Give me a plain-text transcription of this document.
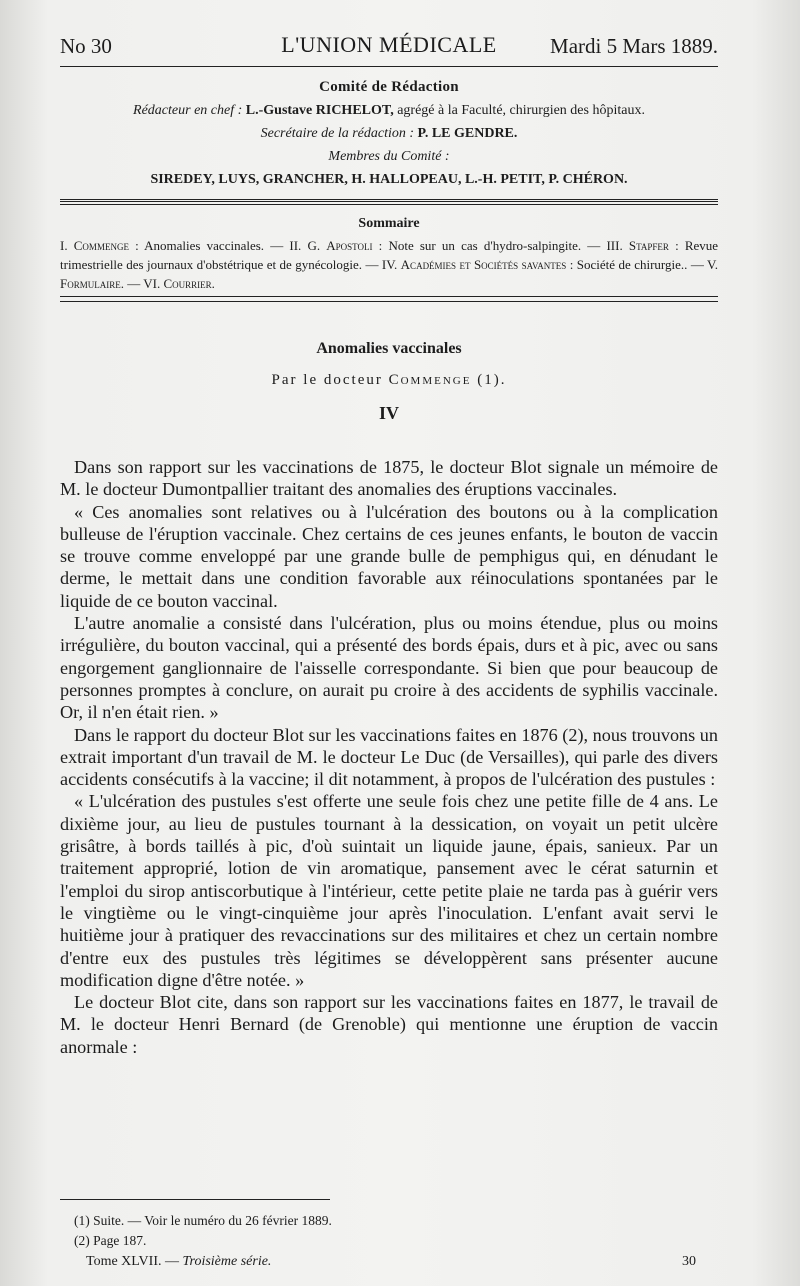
No 30	L'UNION MÉDICALE	Mardi 5 Mars 1889.
Comité de Rédaction
Rédacteur en chef : L.-Gustave RICHELOT, agrégé à la Faculté, chirurgien des hôpitaux.
Secrétaire de la rédaction : P. LE GENDRE.
Membres du Comité :
SIREDEY, LUYS, GRANCHER, H. HALLOPEAU, L.-H. PETIT, P. CHÉRON.
Sommaire
I. Commenge : Anomalies vaccinales. — II. G. Apostoli : Note sur un cas d'hydro-salpingite. — III. Stapfer : Revue trimestrielle des journaux d'obstétrique et de gynécologie. — IV. Académies et Sociétés savantes : Société de chirurgie.. — V. Formulaire. — VI. Courrier.
Anomalies vaccinales
Par le docteur Commenge (1).
IV

Dans son rapport sur les vaccinations de 1875, le docteur Blot signale un mémoire de M. le docteur Dumontpallier traitant des anomalies des éruptions vaccinales.

« Ces anomalies sont relatives ou à l'ulcération des boutons ou à la complication bulleuse de l'éruption vaccinale. Chez certains de ces jeunes enfants, le bouton de vaccin se trouve comme enveloppé par une grande bulle de pemphigus qui, en dénudant le derme, le mettait dans une condition favorable aux réinoculations spontanées par le liquide de ce bouton vaccinal.

L'autre anomalie a consisté dans l'ulcération, plus ou moins étendue, plus ou moins irrégulière, du bouton vaccinal, qui a présenté des bords épais, durs et à pic, avec ou sans engorgement ganglionnaire de l'aisselle correspondante. Si bien que pour beaucoup de personnes promptes à conclure, on aurait pu croire à des accidents de syphilis vaccinale. Or, il n'en était rien. »

Dans le rapport du docteur Blot sur les vaccinations faites en 1876 (2), nous trouvons un extrait important d'un travail de M. le docteur Le Duc (de Versailles), qui parle des divers accidents consécutifs à la vaccine; il dit notamment, à propos de l'ulcération des pustules :

« L'ulcération des pustules s'est offerte une seule fois chez une petite fille de 4 ans. Le dixième jour, au lieu de pustules tournant à la dessication, on voyait un petit ulcère grisâtre, à bords taillés à pic, d'où suintait un liquide jaune, épais, sanieux. Par un traitement approprié, lotion de vin aromatique, pansement avec le cérat saturnin et l'emploi du sirop antiscorbutique à l'intérieur, cette petite plaie ne tarda pas à guérir vers le vingtième ou le vingt-cinquième jour après l'inoculation. L'enfant avait servi le huitième jour à pratiquer des revaccinations sur des militaires et chez un certain nombre d'entre eux des pustules très légitimes se développèrent sans présenter aucune modification digne d'être notée. »

Le docteur Blot cite, dans son rapport sur les vaccinations faites en 1877, le travail de M. le docteur Henri Bernard (de Grenoble) qui mentionne une éruption de vaccin anormale :

(1) Suite. — Voir le numéro du 26 février 1889.
(2) Page 187.
Tome XLVII. — Troisième série.	30
